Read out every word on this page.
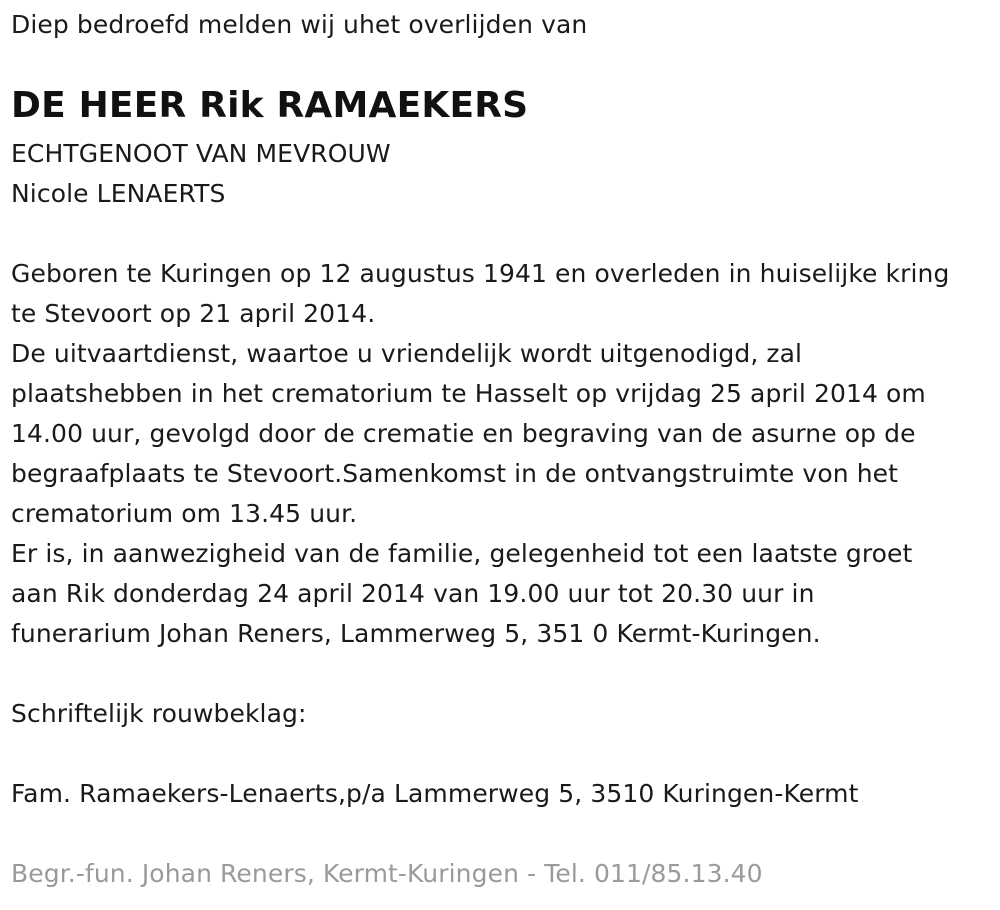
Diep bedroefd melden wij uhet overlijden van
DE HEER Rik RAMAEKERS
ECHTGENOOT VAN MEVROUW
Nicole LENAERTS
Geboren te Kuringen op 12 augustus 1941 en overleden in huiselijke kring
te Stevoort op 21 april 2014.
De uitvaartdienst, waartoe u vriendelijk wordt uitgenodigd, zal
plaatshebben in het crematorium te Hasselt op vrijdag 25 april 2014 om
14.00 uur, gevolgd door de crematie en begraving van de asurne op de
begraafplaats te Stevoort.Samenkomst in de ontvangstruimte von het
crematorium om 13.45 uur.
Er is, in aanwezigheid van de familie, gelegenheid tot een laatste groet
aan Rik donderdag 24 april 2014 van 19.00 uur tot 20.30 uur in
funerarium Johan Reners, Lammerweg 5, 351 0 Kermt-Kuringen.
Schriftelijk rouwbeklag:
Fam. Ramaekers-Lenaerts,p/a Lammerweg 5, 3510 Kuringen-Kermt
Begr.-fun. Johan Reners, Kermt-Kuringen - Tel. 011/85.13.40
